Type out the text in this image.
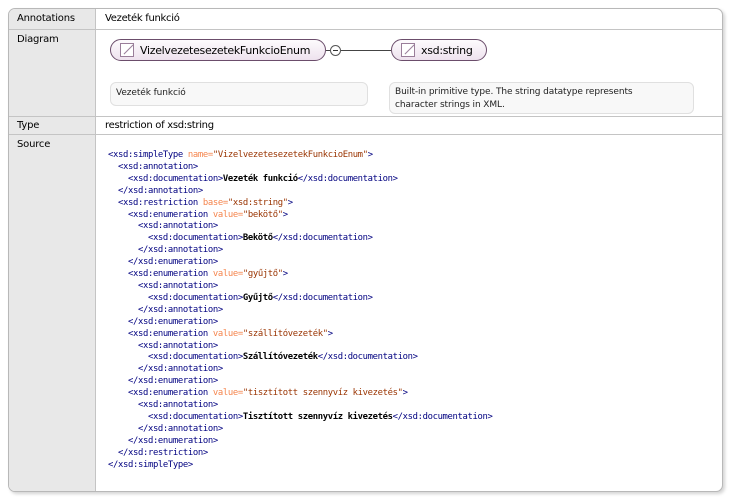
Annotations	Vezeték funkció
Diagram
VizelvezetesezetekFunkcioEnum	xsd:string
Vezeték funkció	Built-in primitive type. The string datatype represents
character strings in XML.
Type	restriction of xsd:string
Source
<xsd:simpleType name="VizelvezetesezetekFunkcioEnum">
<xsd:annotation>
<xsd:documentation>Vezeték funkció</xsd:documentation>
</xsd:annotation>
<xsd:restriction base="xsd:string">
<xsd:enumeration value="bekötő">
<xsd:annotation>
<xsd:documentation>Bekötő</xsd:documentation>
</xsd:annotation>
</xsd:enumeration>
<xsd:enumeration value="gyűjtő">
<xsd:annotation>
<xsd:documentation>Gyűjtő</xsd:documentation>
</xsd:annotation>
</xsd:enumeration>
<xsd:enumeration value="szállítóvezeték">
<xsd:annotation>
<xsd:documentation>Szállítóvezeték</xsd:documentation>
</xsd:annotation>
</xsd:enumeration>
<xsd:enumeration value="tisztított szennyvíz kivezetés">
<xsd:annotation>
<xsd:documentation>Tisztított szennyvíz kivezetés</xsd:documentation>
</xsd:annotation>
</xsd:enumeration>
</xsd:restriction>
</xsd:simpleType>
